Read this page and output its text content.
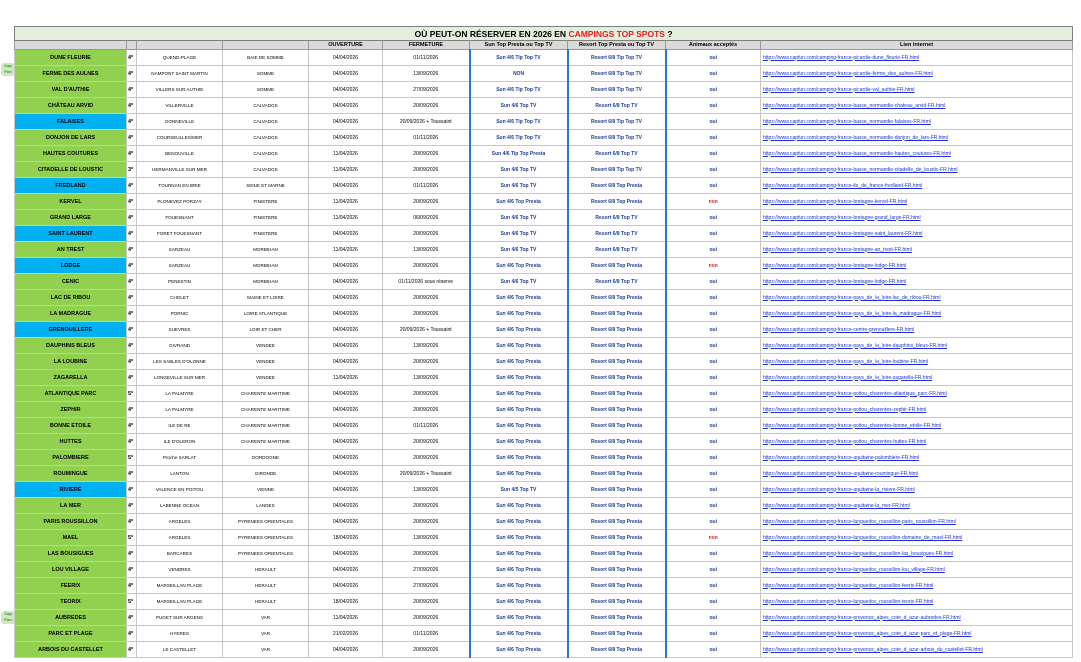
Cap
Fun
Cap
Fun
OÙ PEUT-ON RÉSERVER EN 2026 EN CAMPINGS TOP SPOTS ?									
				OUVERTURE	FERMETURE	Sun Top Presta ou Top TV	Resort Top Presta ou Top TV	Animaux acceptés	Lien internet
DUNE FLEURIE	4*	QUEND-PLAGE	BAIE DE SOMME	04/04/2026	01/11/2026	Sun 4/6 Tip Top TV	Resort 6/8 Tip Top TV	oui	https://www.capfun.com/camping-france-picardie-dune_fleurie-FR.html
FERME DES AULNES	4*	NAMPONT SAINT MARTIN	SOMME	04/04/2026	13/09/2026	NON	Resort 6/8 Tip Top TV	oui	https://www.capfun.com/camping-france-picardie-ferme_des_aulnes-FR.html
VAL D'AUTHIE	4*	VILLERS SUR AUTHIE	SOMME	04/04/2026	27/09/2026	Sun 4/6 Tip Top TV	Resort 6/8 Tip Top TV	oui	https://www.capfun.com/camping-france-picardie-val_authie-FR.html
CHÂTEAU ARVID	4*	VILLERVILLE	CALVADOS	04/04/2026	20/09/2026	Sun 4/6 Top TV	Resort 6/8 Top TV	oui	https://www.capfun.com/camping-france-basse_normandie-chateau_arvid-FR.html
FALAISES	4*	GONNEVILLE	CALVADOS	04/04/2026	20/09/2026 + Toussaint	Sun 4/6 Tip Top TV	Resort 6/8 Tip Top TV	oui	https://www.capfun.com/camping-france-basse_normandie-falaises-FR.html
DONJON DE LARS	4*	COURSEULLES/MER	CALVADOS	04/04/2026	01/11/2026	Sun 4/6 Tip Top TV	Resort 6/8 Tip Top TV	oui	https://www.capfun.com/camping-france-basse_normandie-donjon_de_lars-FR.html
HAUTES COUTURES	4*	BENOUVILLE	CALVADOS	11/04/2026	20/09/2026	Sun 4/6 Tip Top Presta	Resort 6/8 Top TV	oui	https://www.capfun.com/camping-france-basse_normandie-hautes_coutures-FR.html
CITADELLE DE LOUSTIC	3*	HERMANVILLE SUR MER	CALVADOS	11/04/2026	20/09/2026	Sun 4/6 Top TV	Resort 6/8 Tip Top TV	oui	https://www.capfun.com/camping-france-basse_normandie-citadelle_de_loustic-FR.html
FREDLAND	4*	TOURNAN EN BRIE	SEINE ET MARNE	04/04/2026	01/11/2026	Sun 4/6 Top TV	Resort 6/8 Top Presta	oui	https://www.capfun.com/camping-france-ile_de_france-fredland-FR.html
KERVEL	4*	PLONEVEZ PORZAY	FINISTERE	11/04/2026	20/09/2026	Sun 4/6 Top Presta	Resort 6/8 Top Presta	non	https://www.capfun.com/camping-france-bretagne-kervel-FR.html
GRAND LARGE	4*	FOUESNANT	FINISTERE	11/04/2026	06/09/2026	Sun 4/6 Top TV	Resort 6/8 Top TV	oui	https://www.capfun.com/camping-france-bretagne-grand_large-FR.html
SAINT LAURENT	4*	FORET FOUESNANT	FINISTERE	04/04/2026	20/09/2026	Sun 4/6 Top TV	Resort 6/8 Top TV	oui	https://www.capfun.com/camping-france-bretagne-saint_laurent-FR.html
AN TREST	4*	SARZEAU	MORBIHAN	11/04/2026	13/09/2026	Sun 4/6 Top TV	Resort 6/8 Top TV	oui	https://www.capfun.com/camping-france-bretagne-an_trest-FR.html
LODGE	4*	SARZEAU	MORBIHAN	04/04/2026	20/09/2026	Sun 4/6 Top Presta	Resort 6/8 Top Presta	non	https://www.capfun.com/camping-france-bretagne-lodge-FR.html
CENIC	4*	PENESTIN	MORBIHAN	04/04/2026	01/11/2026 sous réserve	Sun 4/6 Top TV	Resort 6/8 Top TV	oui	https://www.capfun.com/camping-france-bretagne-lodge-FR.html
LAC DE RIBOU	4*	CHOLET	MAINE ET LOIRE	04/04/2026	20/09/2026	Sun 4/6 Top Presta	Resort 6/8 Top Presta	oui	https://www.capfun.com/camping-france-pays_de_la_loire-lac_de_ribou-FR.html
LA MADRAGUE	4*	PORNIC	LOIRE ATLANTIQUE	04/04/2026	20/09/2026	Sun 4/6 Top Presta	Resort 6/8 Top Presta	oui	https://www.capfun.com/camping-france-pays_de_la_loire-la_madrague-FR.html
GRENOUILLERE	4*	SUEVRES	LOIR ET CHER	04/04/2026	20/09/2026 + Toussaint	Sun 4/6 Top Presta	Resort 6/8 Top Presta	oui	https://www.capfun.com/camping-france-centre-grenouillere-FR.html
DAUPHINS BLEUS	4*	GIVRAND	VENDEE	04/04/2026	13/09/2026	Sun 4/6 Top Presta	Resort 6/8 Top Presta	oui	https://www.capfun.com/camping-france-pays_de_la_loire-dauphins_bleus-FR.html
LA LOUBINE	4*	LES SABLES D'OLONNE	VENDEE	04/04/2026	20/09/2026	Sun 4/6 Top Presta	Resort 6/8 Top Presta	oui	https://www.capfun.com/camping-france-pays_de_la_loire-loubine-FR.html
ZAGARELLA	4*	LONGEVILLE SUR MER	VENDEE	11/04/2026	13/09/2026	Sun 4/6 Top Presta	Resort 6/8 Top Presta	oui	https://www.capfun.com/camping-france-pays_de_la_loire-zagarella-FR.html
ATLANTIQUE PARC	5*	LA PALMYRE	CHARENTE MARITIME	04/04/2026	20/09/2026	Sun 4/6 Top Presta	Resort 6/8 Top Presta	oui	https://www.capfun.com/camping-france-poitou_charentes-atlantique_parc-FR.html
ZEPHIR	4*	LA PALMYRE	CHARENTE MARITIME	04/04/2026	20/09/2026	Sun 4/6 Top Presta	Resort 6/8 Top Presta	oui	https://www.capfun.com/camping-france-poitou_charentes-zephir-FR.html
BONNE ETOILE	4*	ILE DE RE	CHARENTE MARITIME	04/04/2026	01/11/2026	Sun 4/6 Top Presta	Resort 6/8 Top Presta	oui	https://www.capfun.com/camping-france-poitou_charentes-bonne_etoile-FR.html
HUTTES	4*	ILE D'OLERON	CHARENTE MARITIME	04/04/2026	20/09/2026	Sun 4/6 Top Presta	Resort 6/8 Top Presta	oui	https://www.capfun.com/camping-france-poitou_charentes-huttes-FR.html
PALOMBIERE	5*	Proche SARLAT	DORDOGNE	04/04/2026	20/09/2026	Sun 4/6 Top Presta	Resort 6/8 Top Presta	oui	https://www.capfun.com/camping-france-aquitaine-palombiere-FR.html
ROUMINGUE	4*	LANTON	GIRONDE	04/04/2026	20/09/2026 + Toussaint	Sun 4/6 Top Presta	Resort 6/8 Top Presta	oui	https://www.capfun.com/camping-france-aquitaine-roumingue-FR.html
RIVIERE	4*	VALENCE EN POITOU	VIENNE	04/04/2026	13/09/2026	Sun 4/5 Top TV	Resort 6/8 Top Presta	oui	https://www.capfun.com/camping-france-aquitaine-la_riviere-FR.html
LA MER	4*	LABENNE OCEAN	LANDES	04/04/2026	20/09/2026	Sun 4/6 Top Presta	Resort 6/8 Top Presta	oui	https://www.capfun.com/camping-france-aquitaine-la_mer-FR.html
PARIS ROUSSILLON	4*	ARGELES	PYRENEES ORIENTALES	04/04/2026	20/09/2026	Sun 4/6 Top Presta	Resort 6/8 Top Presta	oui	https://www.capfun.com/camping-france-languedoc_roussillon-paris_roussillon-FR.html
MAEL	5*	ARGELES	PYRENEES ORIENTALES	18/04/2026	13/09/2026	Sun 4/6 Top Presta	Resort 6/8 Top Presta	non	https://www.capfun.com/camping-france-languedoc_roussillon-domaine_de_mael-FR.html
LAS BOUSIGUES	4*	BARCARES	PYRENEES ORIENTALES	04/04/2026	20/09/2026	Sun 4/6 Top Presta	Resort 6/8 Top Presta	oui	https://www.capfun.com/camping-france-languedoc_roussillon-las_bousigues-FR.html
LOU VILLAGE	4*	VENDRES	HERAULT	04/04/2026	27/09/2026	Sun 4/6 Top Presta	Resort 6/8 Top Presta	oui	https://www.capfun.com/camping-france-languedoc_roussillon-lou_village-FR.html
FEERIX	4*	MARSEILLAN PLAGE	HERAULT	04/04/2026	27/09/2026	Sun 4/6 Top Presta	Resort 6/8 Top Presta	oui	https://www.capfun.com/camping-france-languedoc_roussillon-feerix-FR.html
TEORIX	5*	MARSEILLAN PLAGE	HERAULT	18/04/2026	20/09/2026	Sun 4/6 Top Presta	Resort 6/8 Top Presta	oui	https://www.capfun.com/camping-france-languedoc_roussillon-teorix-FR.html
AUBREDES	4*	PUGET SUR ARGENS	VAR	11/04/2026	20/09/2026	Sun 4/6 Top Presta	Resort 6/8 Top Presta	oui	https://www.capfun.com/camping-france-provence_alpes_cote_d_azur-aubredes-FR.html
PARC ET PLAGE	4*	HYERES	VAR	21/02/2026	01/11/2026	Sun 4/6 Top Presta	Resort 6/8 Top Presta	oui	https://www.capfun.com/camping-france-provence_alpes_cote_d_azur-parc_et_plage-FR.html
ARBOIS DU CASTELLET	4*	LE CASTELLET	VAR	04/04/2026	20/09/2026	Sun 4/6 Top Presta	Resort 6/8 Top Presta	oui	https://www.capfun.com/camping-france-provence_alpes_cote_d_azur-arbois_du_castellet-FR.html
